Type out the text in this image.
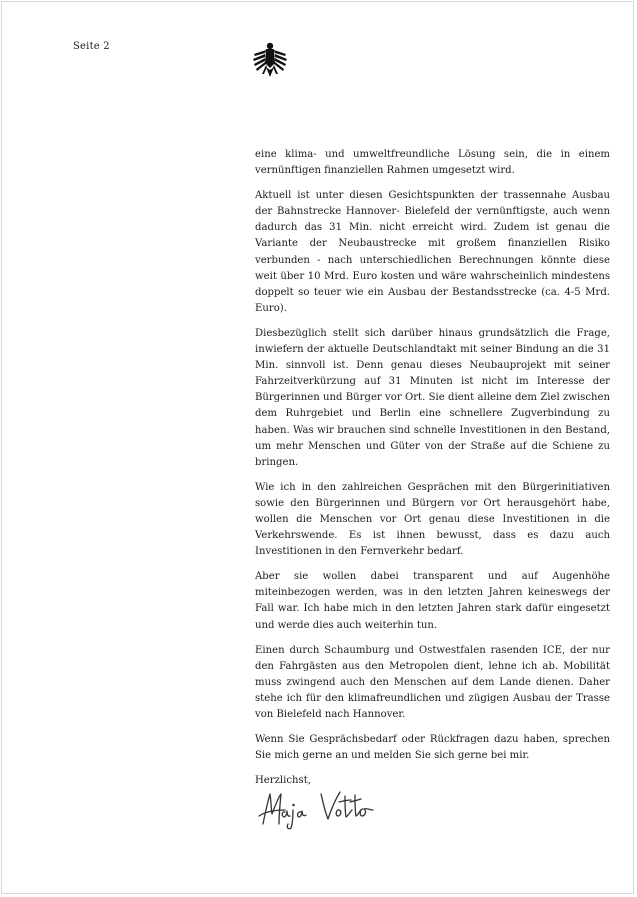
Seite 2

eine klima- und umweltfreundliche Lösung sein, die in einem vernünftigen finanziellen Rahmen umgesetzt wird.

Aktuell ist unter diesen Gesichtspunkten der trassennahe Ausbau der Bahnstrecke Hannover- Bielefeld der vernünftigste, auch wenn dadurch das 31 Min. nicht erreicht wird. Zudem ist genau die Variante der Neubaustrecke mit großem finanziellen Risiko verbunden - nach unterschiedlichen Berechnungen könnte diese weit über 10 Mrd. Euro kosten und wäre wahrscheinlich mindestens doppelt so teuer wie ein Ausbau der Bestandsstrecke (ca. 4-5 Mrd. Euro).

Diesbezüglich stellt sich darüber hinaus grundsätzlich die Frage, inwiefern der aktuelle Deutschlandtakt mit seiner Bindung an die 31 Min. sinnvoll ist. Denn genau dieses Neubauprojekt mit seiner Fahrzeitverkürzung auf 31 Minuten ist nicht im Interesse der Bürgerinnen und Bürger vor Ort. Sie dient alleine dem Ziel zwischen dem Ruhrgebiet und Berlin eine schnellere Zugverbindung zu haben. Was wir brauchen sind schnelle Investitionen in den Bestand, um mehr Menschen und Güter von der Straße auf die Schiene zu bringen.

Wie ich in den zahlreichen Gesprächen mit den Bürgerinitiativen sowie den Bürgerinnen und Bürgern vor Ort herausgehört habe, wollen die Menschen vor Ort genau diese Investitionen in die Verkehrswende. Es ist ihnen bewusst, dass es dazu auch Investitionen in den Fernverkehr bedarf.

Aber sie wollen dabei transparent und auf Augenhöhe miteinbezogen werden, was in den letzten Jahren keineswegs der Fall war. Ich habe mich in den letzten Jahren stark dafür eingesetzt und werde dies auch weiterhin tun.

Einen durch Schaumburg und Ostwestfalen rasenden ICE, der nur den Fahrgästen aus den Metropolen dient, lehne ich ab. Mobilität muss zwingend auch den Menschen auf dem Lande dienen. Daher stehe ich für den klimafreundlichen und zügigen Ausbau der Trasse von Bielefeld nach Hannover.

Wenn Sie Gesprächsbedarf oder Rückfragen dazu haben, sprechen Sie mich gerne an und melden Sie sich gerne bei mir.

Herzlichst,
